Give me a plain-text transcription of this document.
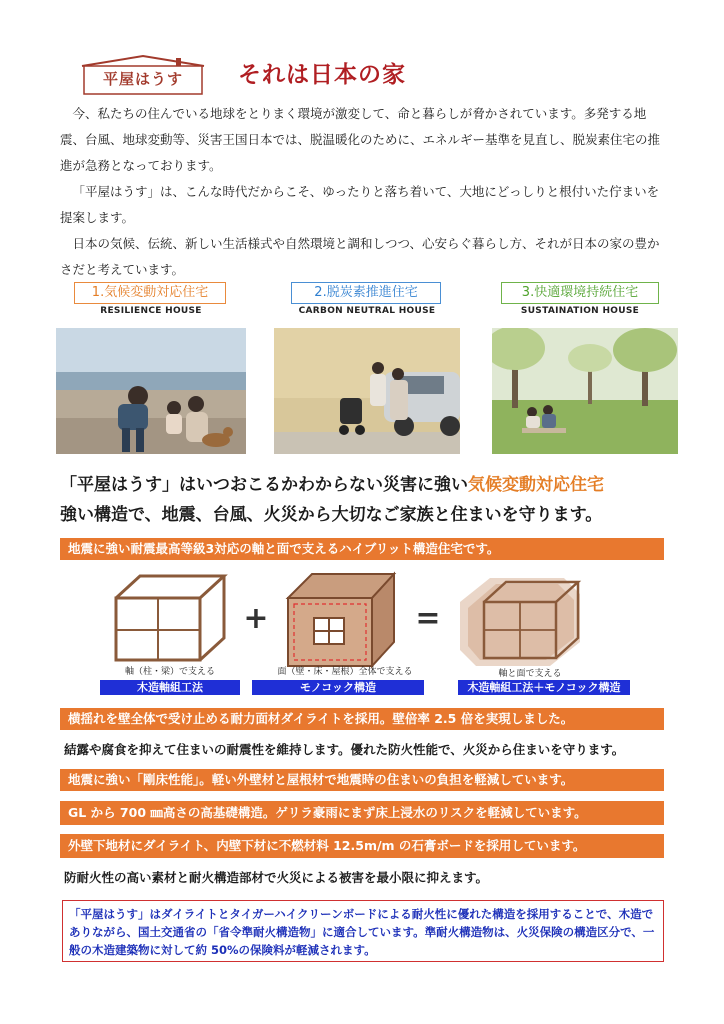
平屋はうす	それは日本の家

今、私たちの住んでいる地球をとりまく環境が激変して、命と暮らしが脅かされています。多発する地震、台風、地球変動等、災害王国日本では、脱温暖化のために、エネルギー基準を見直し、脱炭素住宅の推進が急務となっております。

「平屋はうす」は、こんな時代だからこそ、ゆったりと落ち着いて、大地にどっしりと根付いた佇まいを提案します。

日本の気候、伝統、新しい生活様式や自然環境と調和しつつ、心安らぐ暮らし方、それが日本の家の豊かさだと考えています。

1.気候変動対応住宅
RESILIENCE HOUSE
2.脱炭素推進住宅
CARBON NEUTRAL HOUSE
3.快適環境持続住宅
SUSTAINATION HOUSE
「平屋はうす」はいつおこるかわからない災害に強い気候変動対応住宅
強い構造で、地震、台風、火災から大切なご家族と住まいを守ります。
地震に強い耐震最高等級3対応の軸と面で支えるハイブリット構造住宅です。
+	=
軸（柱・梁）で支える
木造軸組工法
面（壁・床・屋根）全体で支える
モノコック構造
軸と面で支える
木造軸組工法＋モノコック構造
横揺れを壁全体で受け止める耐力面材ダイライトを採用。壁倍率 2.5 倍を実現しました。
結露や腐食を抑えて住まいの耐震性を維持します。優れた防火性能で、火災から住まいを守ります。
地震に強い「剛床性能」。軽い外壁材と屋根材で地震時の住まいの負担を軽減しています。
GL から 700 ㎜高さの高基礎構造。ゲリラ豪雨にまず床上浸水のリスクを軽減しています。
外壁下地材にダイライト、内壁下材に不燃材料 12.5m/m の石膏ボードを採用しています。
防耐火性の高い素材と耐火構造部材で火災による被害を最小限に抑えます。
「平屋はうす」はダイライトとタイガーハイクリーンボードによる耐火性に優れた構造を採用することで、木造でありながら、国土交通省の「省令準耐火構造物」に適合しています。準耐火構造物は、火災保険の構造区分で、一般の木造建築物に対して約 50%の保険料が軽減されます。
